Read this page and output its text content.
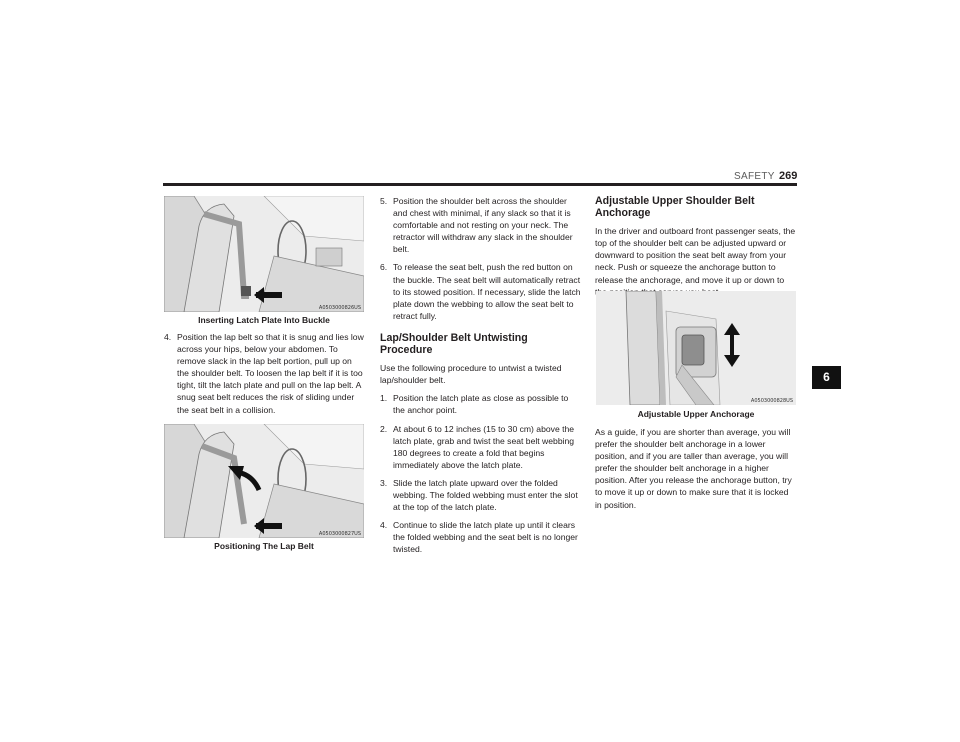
SAFETY 269
6
A0503000826US
Inserting Latch Plate Into Buckle
4. Position the lap belt so that it is snug and lies low across your hips, below your abdomen. To remove slack in the lap belt portion, pull up on the shoulder belt. To loosen the lap belt if it is too tight, tilt the latch plate and pull on the lap belt. A snug seat belt reduces the risk of sliding under the seat belt in a collision.
A0503000827US
Positioning The Lap Belt
5. Position the shoulder belt across the shoulder and chest with minimal, if any slack so that it is comfortable and not resting on your neck. The retractor will withdraw any slack in the shoulder belt.
6. To release the seat belt, push the red button on the buckle. The seat belt will automatically retract to its stowed position. If necessary, slide the latch plate down the webbing to allow the seat belt to retract fully.
Lap/Shoulder Belt Untwisting Procedure

Use the following procedure to untwist a twisted lap/shoulder belt.

1. Position the latch plate as close as possible to the anchor point.
2. At about 6 to 12 inches (15 to 30 cm) above the latch plate, grab and twist the seat belt webbing 180 degrees to create a fold that begins immediately above the latch plate.
3. Slide the latch plate upward over the folded webbing. The folded webbing must enter the slot at the top of the latch plate.
4. Continue to slide the latch plate up until it clears the folded webbing and the seat belt is no longer twisted.
Adjustable Upper Shoulder Belt Anchorage

In the driver and outboard front passenger seats, the top of the shoulder belt can be adjusted upward or downward to position the seat belt away from your neck. Push or squeeze the anchorage button to release the anchorage, and move it up or down to

A0503000828US
Adjustable Upper Anchorage

As a guide, if you are shorter than average, you will prefer the shoulder belt anchorage in a lower position, and if you are taller than average, you will prefer the shoulder belt anchorage in a higher position. After you release the anchorage button, try to move it up or down to make sure that it is locked in position.
